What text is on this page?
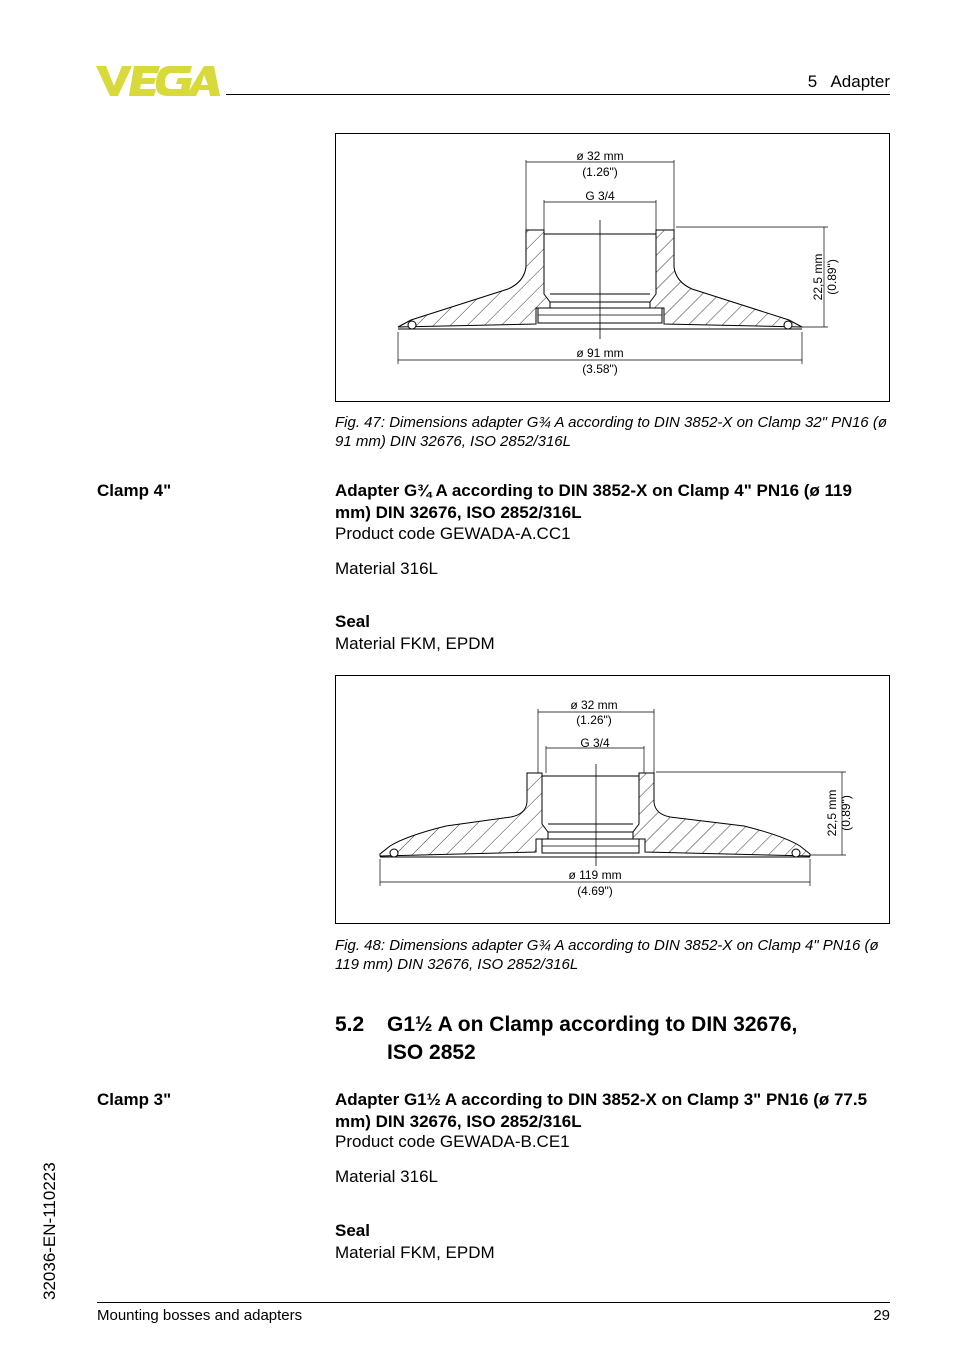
5   Adapter
ø 32 mm
(1.26")
G 3/4
22,5 mm (0.89")
ø 91 mm
(3.58")
Fig. 47: Dimensions adapter G¾ A according to DIN 3852-X on Clamp 32" PN16 (ø 91 mm) DIN 32676, ISO 2852/316L
Clamp 4"	Adapter G¾ A according to DIN 3852-X on Clamp 4" PN16 (ø 119 mm) DIN 32676, ISO 2852/316L
Product code GEWADA-A.CC1
Material 316L
Seal
Material FKM, EPDM
ø 32 mm
(1.26")
G 3/4
22,5 mm (0.89")
ø 119 mm
(4.69")
Fig. 48: Dimensions adapter G¾ A according to DIN 3852-X on Clamp 4" PN16 (ø 119 mm) DIN 32676, ISO 2852/316L
5.2 G1½ A on Clamp according to DIN 32676,
ISO 2852
Clamp 3"	Adapter G1½ A according to DIN 3852-X on Clamp 3" PN16 (ø 77.5 mm) DIN 32676, ISO 2852/316L
Product code GEWADA-B.CE1
Material 316L
Seal
Material FKM, EPDM
32036-EN-110223
Mounting bosses and adapters	29
